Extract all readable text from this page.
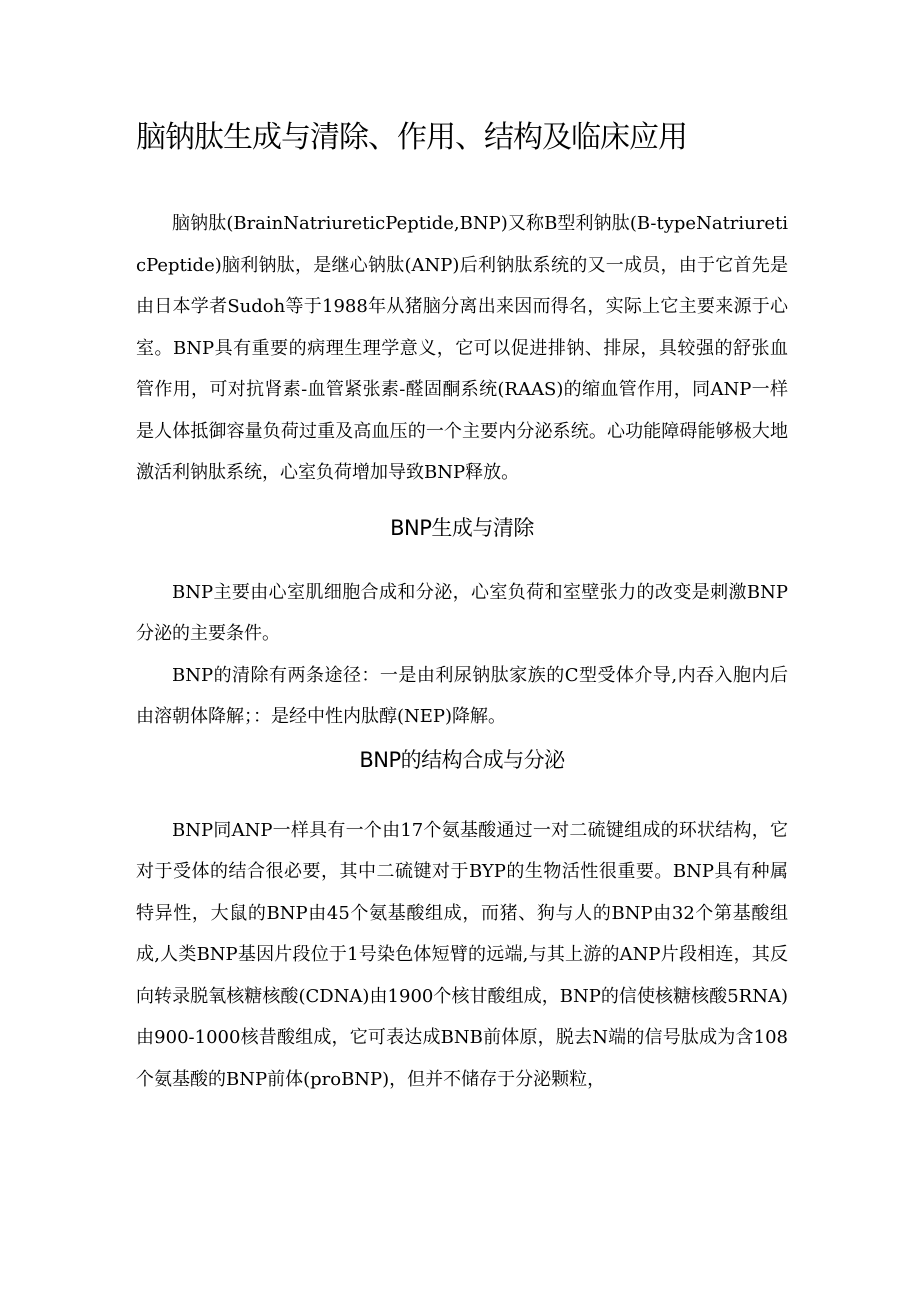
脑钠肽生成与清除、作用、结构及临床应用

脑钠肽(BrainNatriureticPeptide,BNP)又称B型利钠肽(B-typeNatriureticPeptide)脑利钠肽，是继心钠肽(ANP)后利钠肽系统的又一成员，由于它首先是由日本学者Sudoh等于1988年从猪脑分离出来因而得名，实际上它主要来源于心室。BNP具有重要的病理生理学意义，它可以促进排钠、排尿，具较强的舒张血管作用，可对抗肾素-血管紧张素-醛固酮系统(RAAS)的缩血管作用，同ANP一样是人体抵御容量负荷过重及高血压的一个主要内分泌系统。心功能障碍能够极大地激活利钠肽系统，心室负荷增加导致BNP释放。

BNP生成与清除

BNP主要由心室肌细胞合成和分泌，心室负荷和室壁张力的改变是刺激BNP分泌的主要条件。

BNP的清除有两条途径：一是由利尿钠肽家族的C型受体介导,内吞入胞内后由溶朝体降解；：是经中性内肽醇(NEP)降解。

BNP的结构合成与分泌

BNP同ANP一样具有一个由17个氨基酸通过一对二硫键组成的环状结构，它对于受体的结合很必要，其中二硫键对于BYP的生物活性很重要。BNP具有种属特异性，大鼠的BNP由45个氨基酸组成，而猪、狗与人的BNP由32个第基酸组成,人类BNP基因片段位于1号染色体短臂的远端,与其上游的ANP片段相连，其反向转录脱氧核糖核酸(CDNA)由1900个核甘酸组成，BNP的信使核糖核酸5RNA)由900-1000核昔酸组成，它可表达成BNB前体原，脱去N端的信号肽成为含108个氨基酸的BNP前体(proBNP)，但并不储存于分泌颗粒，
